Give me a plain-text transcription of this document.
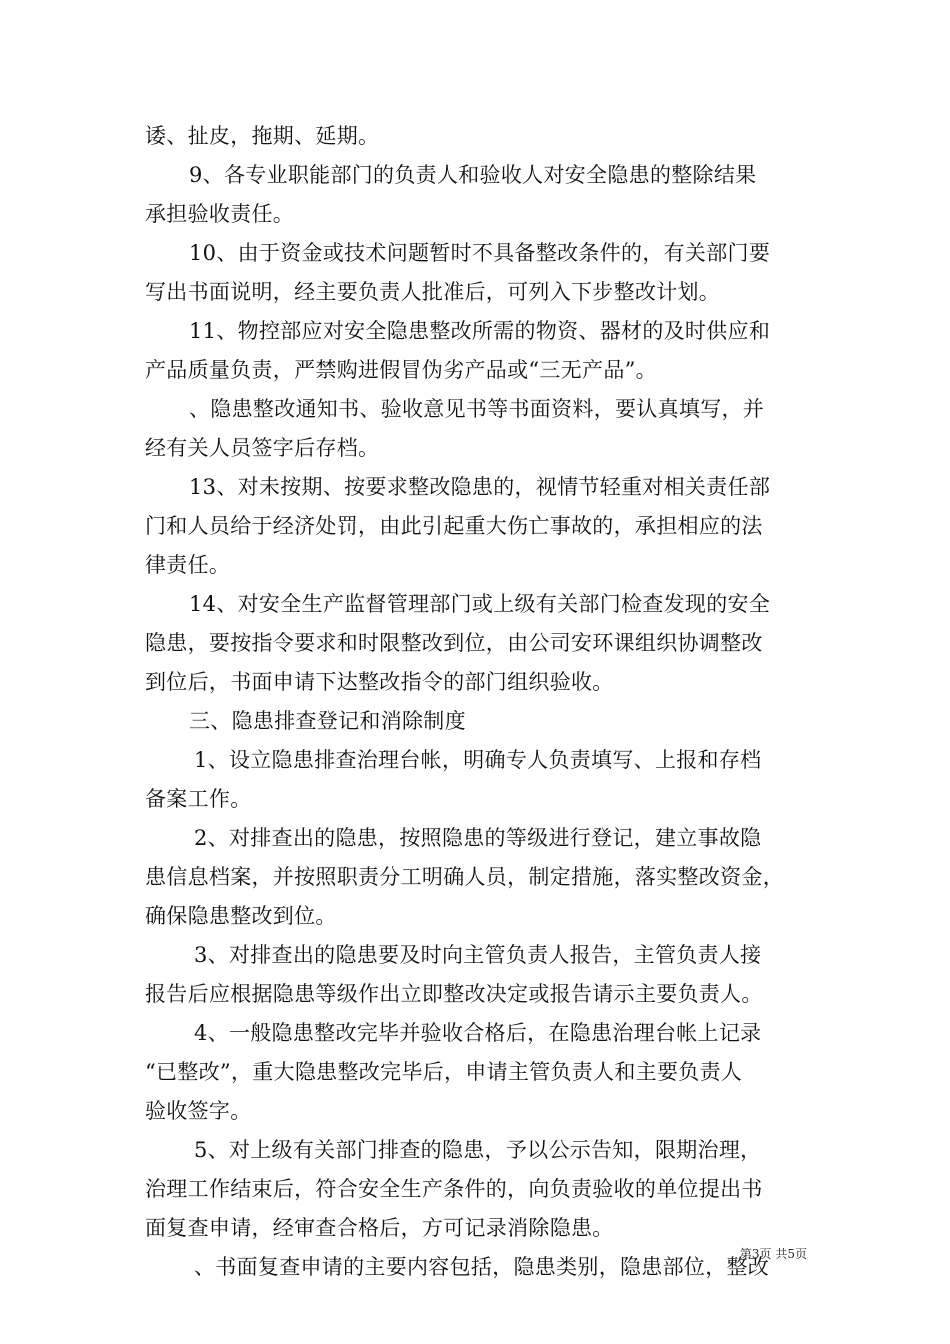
诿、扯皮，拖期、延期。

9、各专业职能部门的负责人和验收人对安全隐患的整除结果

承担验收责任。

10、由于资金或技术问题暂时不具备整改条件的，有关部门要

写出书面说明，经主要负责人批准后，可列入下步整改计划。

11、物控部应对安全隐患整改所需的物资、器材的及时供应和

产品质量负责，严禁购进假冒伪劣产品或“三无产品”。

、隐患整改通知书、验收意见书等书面资料，要认真填写，并

经有关人员签字后存档。

13、对未按期、按要求整改隐患的，视情节轻重对相关责任部

门和人员给于经济处罚，由此引起重大伤亡事故的，承担相应的法

律责任。

14、对安全生产监督管理部门或上级有关部门检查发现的安全

隐患，要按指令要求和时限整改到位，由公司安环课组织协调整改

到位后，书面申请下达整改指令的部门组织验收。

三、隐患排查登记和消除制度

1、设立隐患排查治理台帐，明确专人负责填写、上报和存档

备案工作。

2、对排查出的隐患，按照隐患的等级进行登记，建立事故隐

患信息档案，并按照职责分工明确人员，制定措施，落实整改资金，

确保隐患整改到位。

3、对排查出的隐患要及时向主管负责人报告，主管负责人接

报告后应根据隐患等级作出立即整改决定或报告请示主要负责人。

4、一般隐患整改完毕并验收合格后，在隐患治理台帐上记录

“已整改”，重大隐患整改完毕后，申请主管负责人和主要负责人

验收签字。

5、对上级有关部门排查的隐患，予以公示告知，限期治理，

治理工作结束后，符合安全生产条件的，向负责验收的单位提出书

面复查申请，经审查合格后，方可记录消除隐患。

、书面复查申请的主要内容包括，隐患类别，隐患部位，整改

第3页 共5页
